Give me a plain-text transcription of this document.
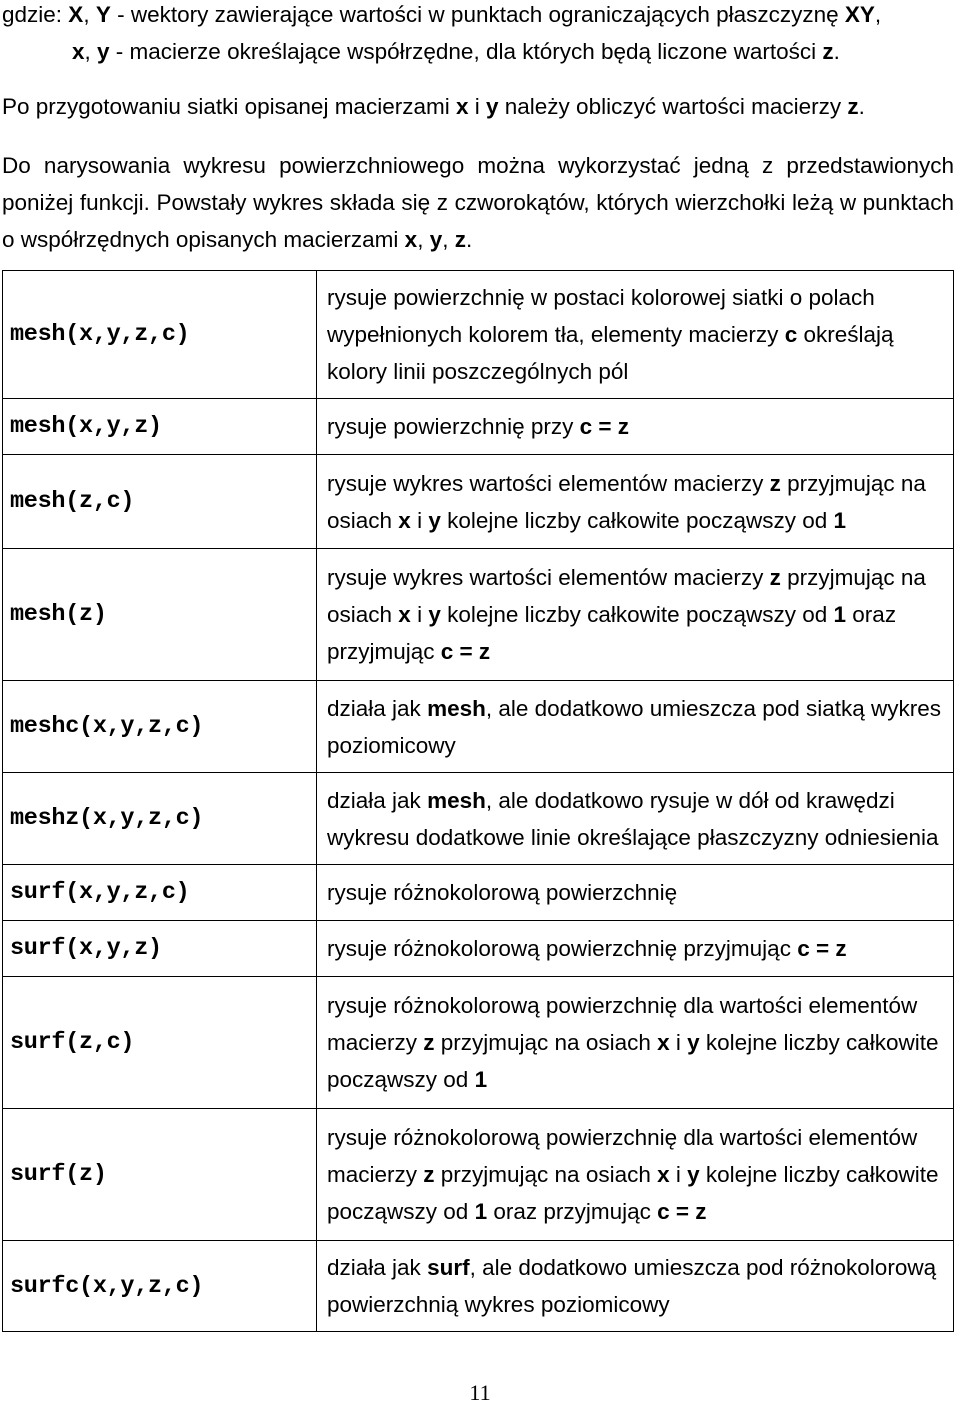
gdzie: X, Y - wektory zawierające wartości w punktach ograniczających płaszczyznę XY,
x, y - macierze określające współrzędne, dla których będą liczone wartości z.
Po przygotowaniu siatki opisanej macierzami x i y należy obliczyć wartości macierzy z.
Do narysowania wykresu powierzchniowego można wykorzystać jedną z przedstawionych poniżej funkcji. Powstały wykres składa się z czworokątów, których wierzchołki leżą w punktach o współrzędnych opisanych macierzami x, y, z.
mesh(x,y,z,c)	rysuje powierzchnię w postaci kolorowej siatki o polach wypełnionych kolorem tła, elementy macierzy c określają kolory linii poszczególnych pól
mesh(x,y,z)	rysuje powierzchnię przy c = z
mesh(z,c)	rysuje wykres wartości elementów macierzy z przyjmując na osiach x i y kolejne liczby całkowite począwszy od 1
mesh(z)	rysuje wykres wartości elementów macierzy z przyjmując na osiach x i y kolejne liczby całkowite począwszy od 1 oraz przyjmując c = z
meshc(x,y,z,c)	działa jak mesh, ale dodatkowo umieszcza pod siatką wykres poziomicowy
meshz(x,y,z,c)	działa jak mesh, ale dodatkowo rysuje w dół od krawędzi wykresu dodatkowe linie określające płaszczyzny odniesienia
surf(x,y,z,c)	rysuje różnokolorową powierzchnię
surf(x,y,z)	rysuje różnokolorową powierzchnię przyjmując c = z
surf(z,c)	rysuje różnokolorową powierzchnię dla wartości elementów macierzy z przyjmując na osiach x i y kolejne liczby całkowite począwszy od 1
surf(z)	rysuje różnokolorową powierzchnię dla wartości elementów macierzy z przyjmując na osiach x i y kolejne liczby całkowite począwszy od 1 oraz przyjmując c = z
surfc(x,y,z,c)	działa jak surf, ale dodatkowo umieszcza pod różnokolorową powierzchnią wykres poziomicowy
11
